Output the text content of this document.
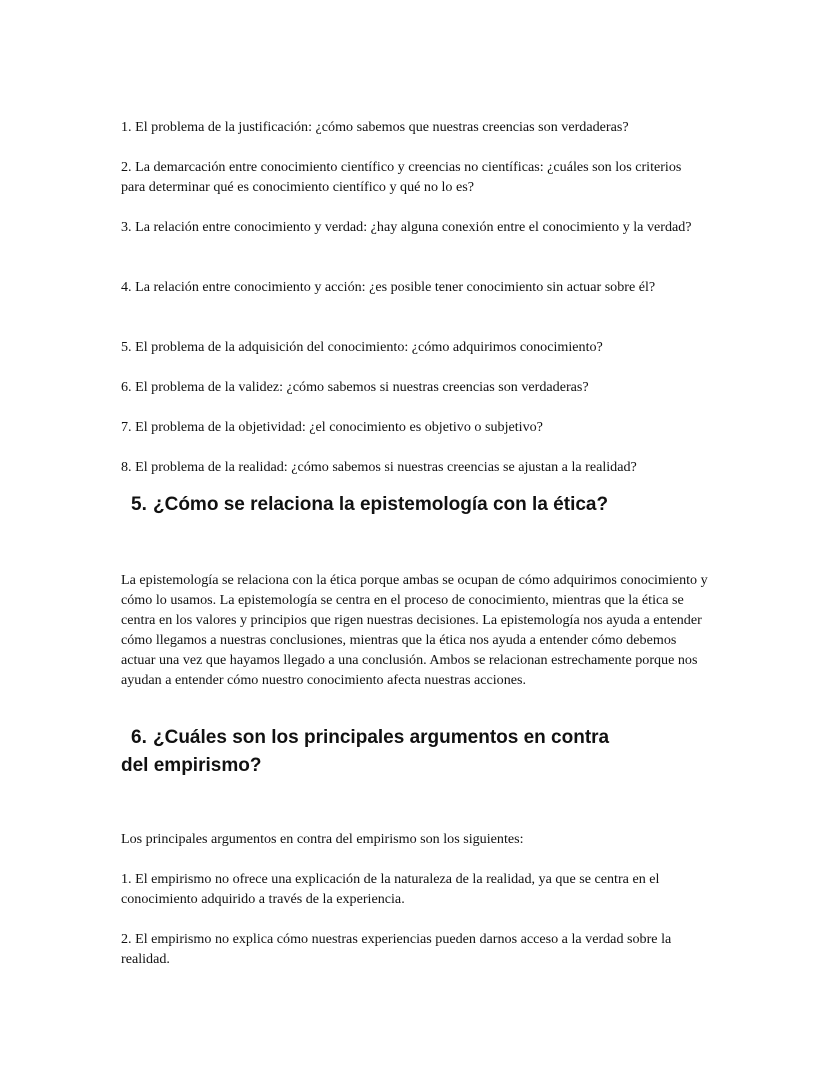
1. El problema de la justificación: ¿cómo sabemos que nuestras creencias son verdaderas?

2. La demarcación entre conocimiento científico y creencias no científicas: ¿cuáles son los criterios para determinar qué es conocimiento científico y qué no lo es?

3. La relación entre conocimiento y verdad: ¿hay alguna conexión entre el conocimiento y la verdad?

4. La relación entre conocimiento y acción: ¿es posible tener conocimiento sin actuar sobre él?

5. El problema de la adquisición del conocimiento: ¿cómo adquirimos conocimiento?

6. El problema de la validez: ¿cómo sabemos si nuestras creencias son verdaderas?

7. El problema de la objetividad: ¿el conocimiento es objetivo o subjetivo?

8. El problema de la realidad: ¿cómo sabemos si nuestras creencias se ajustan a la realidad?

5. ¿Cómo se relaciona la epistemología con la ética?

La epistemología se relaciona con la ética porque ambas se ocupan de cómo adquirimos conocimiento y cómo lo usamos. La epistemología se centra en el proceso de conocimiento, mientras que la ética se centra en los valores y principios que rigen nuestras decisiones. La epistemología nos ayuda a entender cómo llegamos a nuestras conclusiones, mientras que la ética nos ayuda a entender cómo debemos actuar una vez que hayamos llegado a una conclusión. Ambos se relacionan estrechamente porque nos ayudan a entender cómo nuestro conocimiento afecta nuestras acciones.

6. ¿Cuáles son los principales argumentos en contra del empirismo?

Los principales argumentos en contra del empirismo son los siguientes:

1. El empirismo no ofrece una explicación de la naturaleza de la realidad, ya que se centra en el conocimiento adquirido a través de la experiencia.

2. El empirismo no explica cómo nuestras experiencias pueden darnos acceso a la verdad sobre la realidad.
